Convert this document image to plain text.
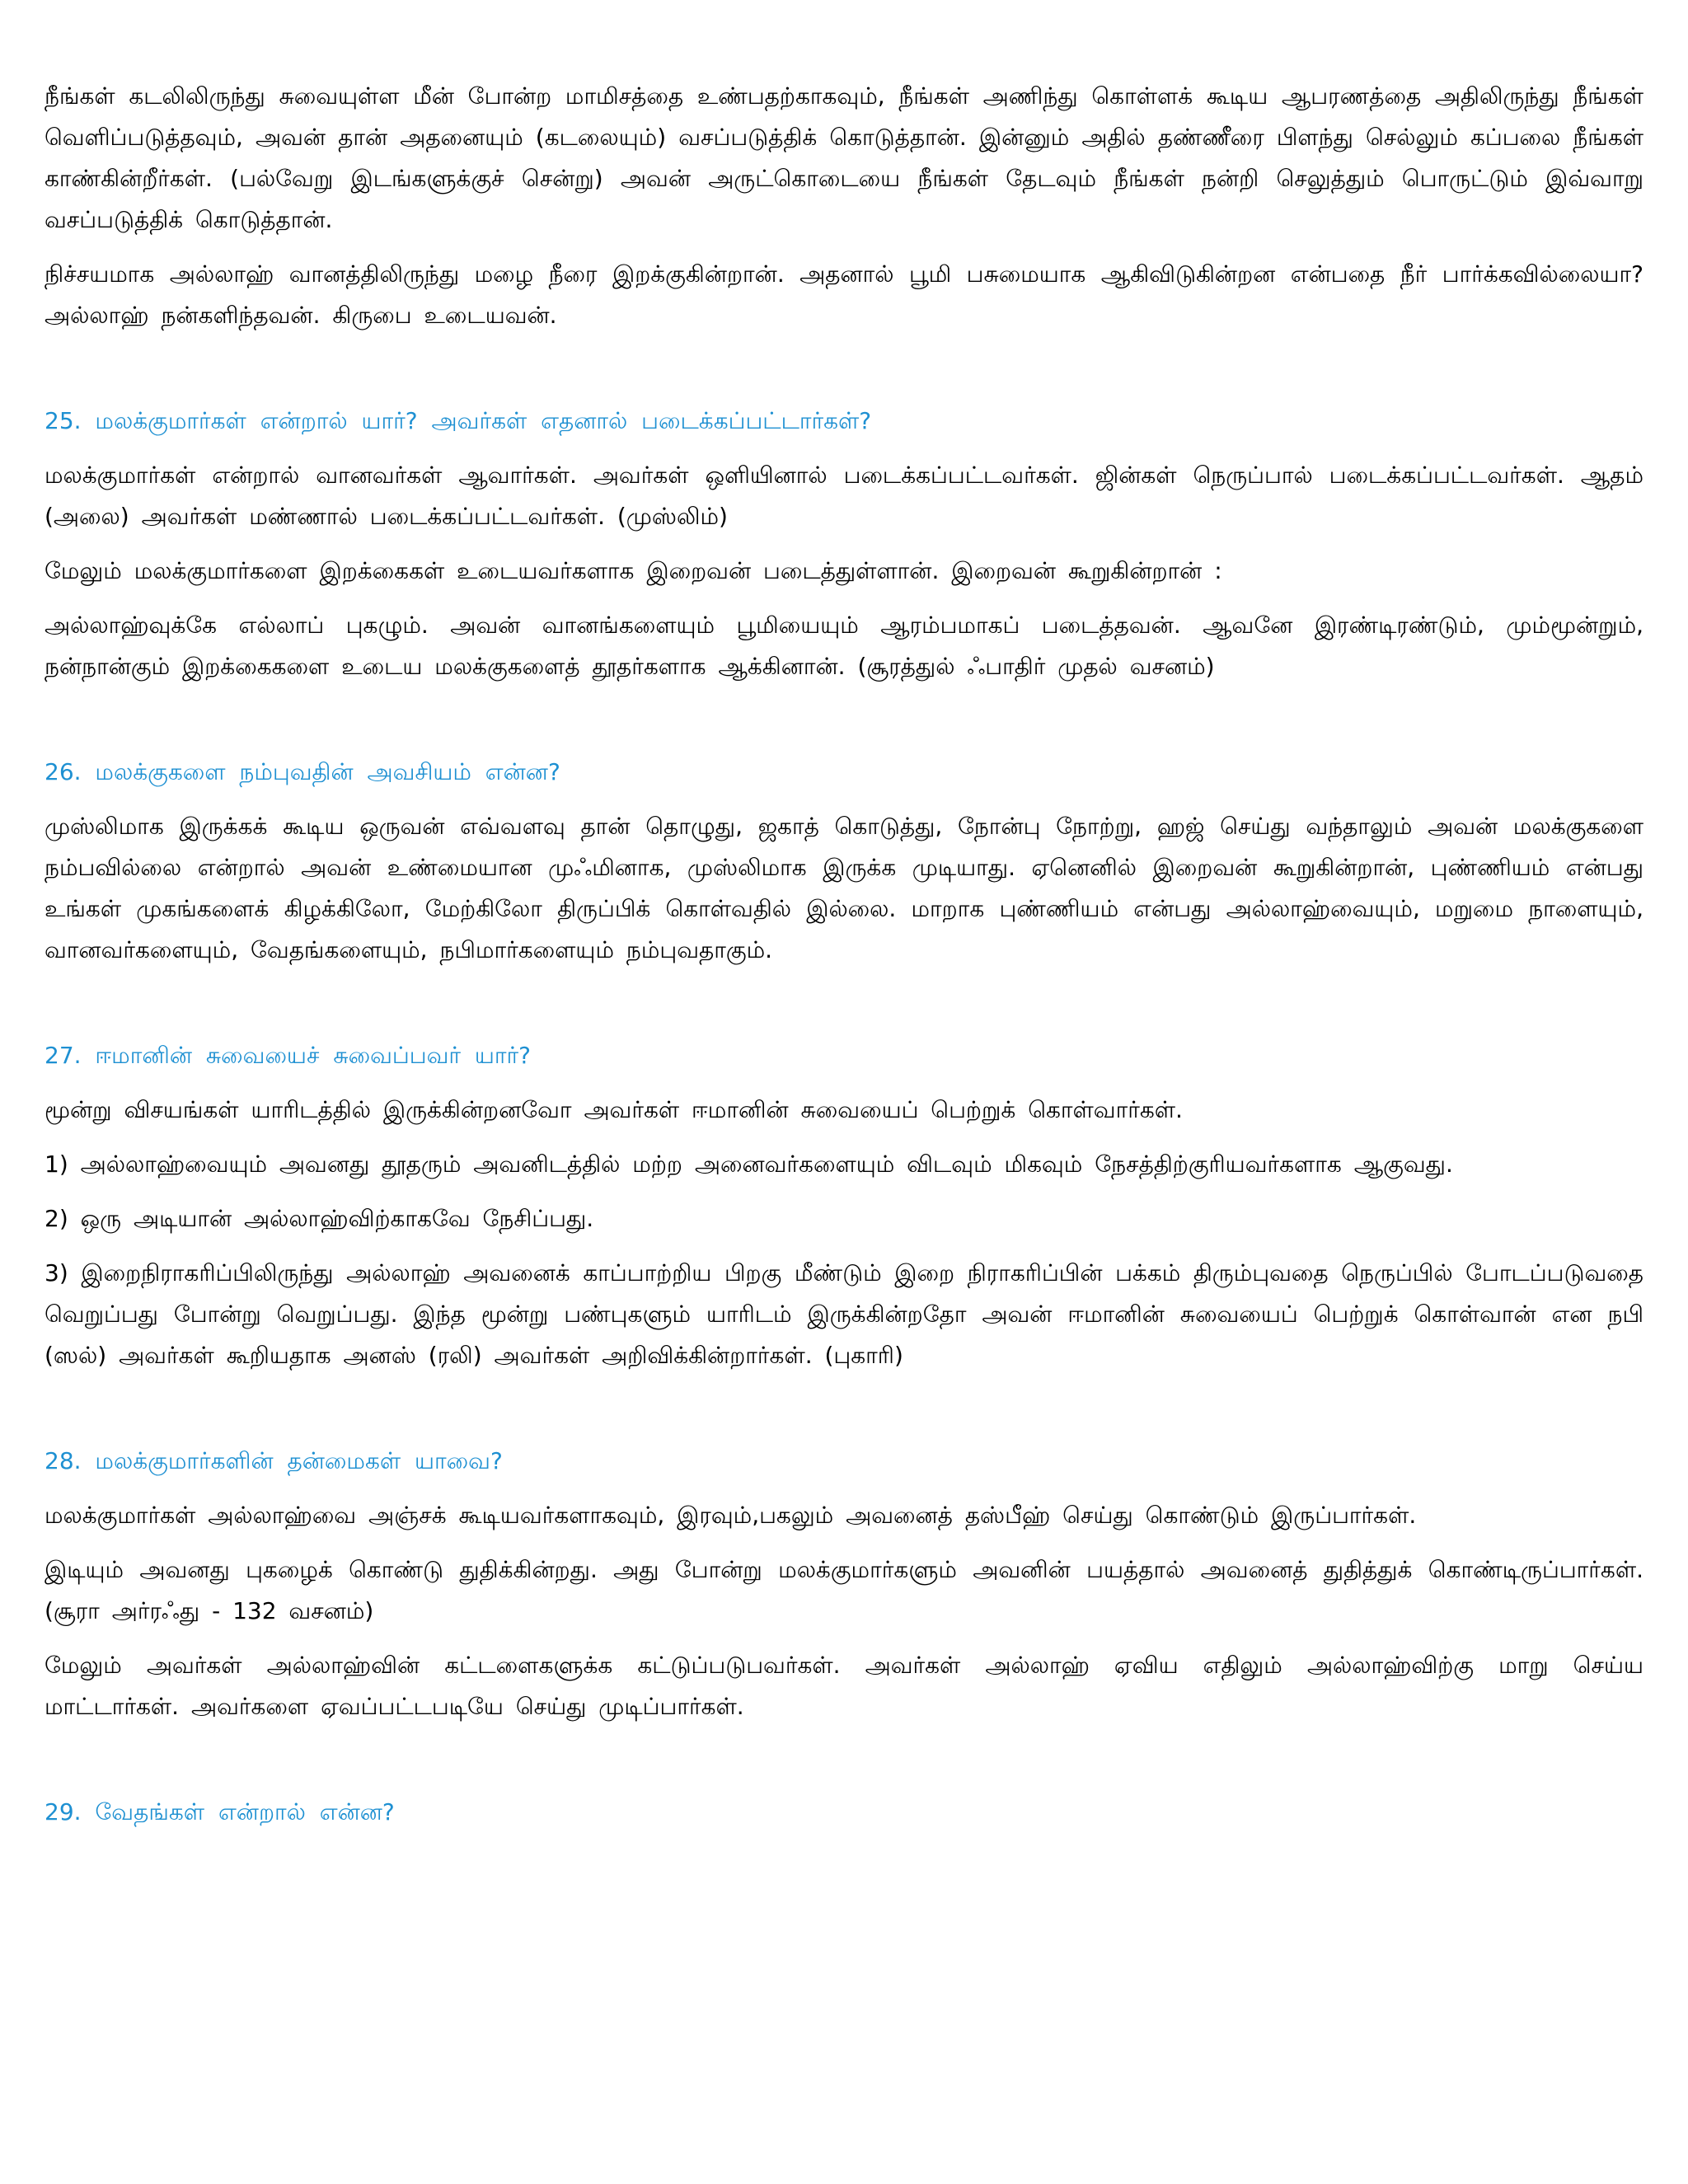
நீங்கள் கடலிலிருந்து சுவையுள்ள மீன் போன்ற மாமிசத்தை உண்பதற்காகவும், நீங்கள் அணிந்து கொள்ளக் கூடிய ஆபரணத்தை அதிலிருந்து நீங்கள் வெளிப்படுத்தவும், அவன் தான் அதனையும் (கடலையும்) வசப்படுத்திக் கொடுத்தான். இன்னும் அதில் தண்ணீரை பிளந்து செல்லும் கப்பலை நீங்கள் காண்கின்றீர்கள். (பல்வேறு இடங்களுக்குச் சென்று) அவன் அருட்கொடையை நீங்கள் தேடவும் நீங்கள் நன்றி செலுத்தும் பொருட்டும் இவ்வாறு வசப்படுத்திக் கொடுத்தான்.

நிச்சயமாக அல்லாஹ் வானத்திலிருந்து மழை நீரை இறக்குகின்றான். அதனால் பூமி பசுமையாக ஆகிவிடுகின்றன என்பதை நீர் பார்க்கவில்லையா? அல்லாஹ் நன்களிந்தவன். கிருபை உடையவன்.

25. மலக்குமார்கள் என்றால் யார்? அவர்கள் எதனால் படைக்கப்பட்டார்கள்?

மலக்குமார்கள் என்றால் வானவர்கள் ஆவார்கள். அவர்கள் ஒளியினால் படைக்கப்பட்டவர்கள். ஜின்கள் நெருப்பால் படைக்கப்பட்டவர்கள். ஆதம் (அலை) அவர்கள் மண்ணால் படைக்கப்பட்டவர்கள். (முஸ்லிம்)

மேலும் மலக்குமார்களை இறக்கைகள் உடையவர்களாக இறைவன் படைத்துள்ளான். இறைவன் கூறுகின்றான் :

அல்லாஹ்வுக்கே எல்லாப் புகழும். அவன் வானங்களையும் பூமியையும் ஆரம்பமாகப் படைத்தவன். ஆவனே இரண்டிரண்டும், மும்மூன்றும், நன்நான்கும் இறக்கைகளை உடைய மலக்குகளைத் தூதர்களாக ஆக்கினான். (சூரத்துல் ஃபாதிர் முதல் வசனம்)

26. மலக்குகளை நம்புவதின் அவசியம் என்ன?

முஸ்லிமாக இருக்கக் கூடிய ஒருவன் எவ்வளவு தான் தொழுது, ஜகாத் கொடுத்து, நோன்பு நோற்று, ஹஜ் செய்து வந்தாலும் அவன் மலக்குகளை நம்பவில்லை என்றால் அவன் உண்மையான முஃமினாக, முஸ்லிமாக இருக்க முடியாது. ஏனெனில் இறைவன் கூறுகின்றான், புண்ணியம் என்பது உங்கள் முகங்களைக் கிழக்கிலோ, மேற்கிலோ திருப்பிக் கொள்வதில் இல்லை. மாறாக புண்ணியம் என்பது அல்லாஹ்வையும், மறுமை நாளையும், வானவர்களையும், வேதங்களையும், நபிமார்களையும் நம்புவதாகும்.

27. ஈமானின் சுவையைச் சுவைப்பவர் யார்?

மூன்று விசயங்கள் யாரிடத்தில் இருக்கின்றனவோ அவர்கள் ஈமானின் சுவையைப் பெற்றுக் கொள்வார்கள்.

1) அல்லாஹ்வையும் அவனது தூதரும் அவனிடத்தில் மற்ற அனைவர்களையும் விடவும் மிகவும் நேசத்திற்குரியவர்களாக ஆகுவது.

2) ஒரு அடியான் அல்லாஹ்விற்காகவே நேசிப்பது.

3) இறைநிராகரிப்பிலிருந்து அல்லாஹ் அவனைக் காப்பாற்றிய பிறகு மீண்டும் இறை நிராகரிப்பின் பக்கம் திரும்புவதை நெருப்பில் போடப்படுவதை வெறுப்பது போன்று வெறுப்பது. இந்த மூன்று பண்புகளும் யாரிடம் இருக்கின்றதோ அவன் ஈமானின் சுவையைப் பெற்றுக் கொள்வான் என நபி (ஸல்) அவர்கள் கூறியதாக அனஸ் (ரலி) அவர்கள் அறிவிக்கின்றார்கள். (புகாரி)

28. மலக்குமார்களின் தன்மைகள் யாவை?

மலக்குமார்கள் அல்லாஹ்வை அஞ்சக் கூடியவர்களாகவும், இரவும்,பகலும் அவனைத் தஸ்பீஹ் செய்து கொண்டும் இருப்பார்கள்.

இடியும் அவனது புகழைக் கொண்டு துதிக்கின்றது. அது போன்று மலக்குமார்களும் அவனின் பயத்தால் அவனைத் துதித்துக் கொண்டிருப்பார்கள். (சூரா அர்ரஃது - 132 வசனம்)

மேலும் அவர்கள் அல்லாஹ்வின் கட்டளைகளுக்க கட்டுப்படுபவர்கள். அவர்கள் அல்லாஹ் ஏவிய எதிலும் அல்லாஹ்விற்கு மாறு செய்ய மாட்டார்கள். அவர்களை ஏவப்பட்டபடியே செய்து முடிப்பார்கள்.

29. வேதங்கள் என்றால் என்ன?
